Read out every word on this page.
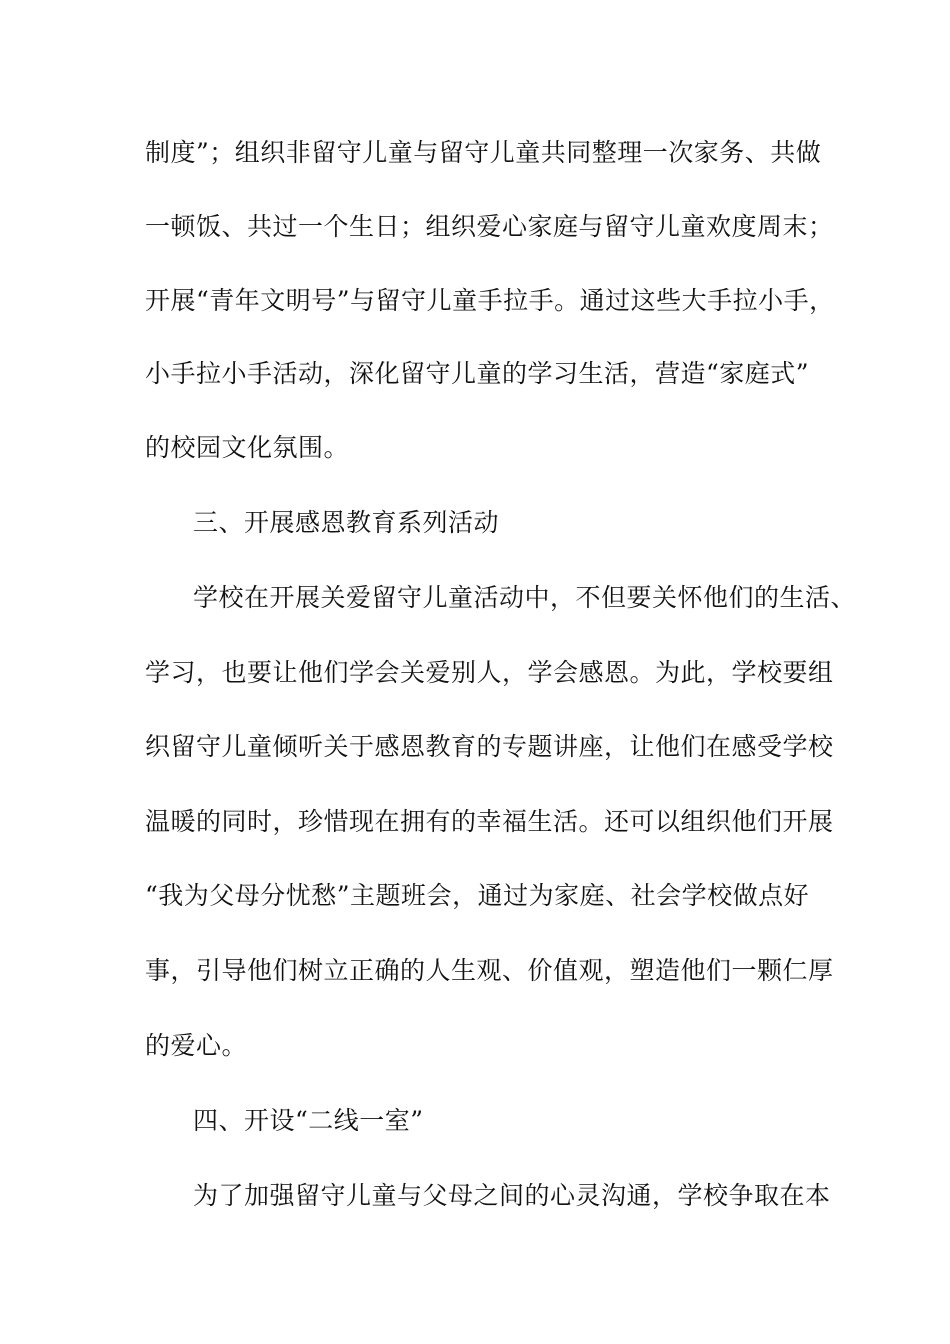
制度”；组织非留守儿童与留守儿童共同整理一次家务、共做
一顿饭、共过一个生日；组织爱心家庭与留守儿童欢度周末；
开展“青年文明号”与留守儿童手拉手。通过这些大手拉小手，
小手拉小手活动，深化留守儿童的学习生活，营造“家庭式”
的校园文化氛围。
三、开展感恩教育系列活动
学校在开展关爱留守儿童活动中，不但要关怀他们的生活、
学习，也要让他们学会关爱别人，学会感恩。为此，学校要组
织留守儿童倾听关于感恩教育的专题讲座，让他们在感受学校
温暖的同时，珍惜现在拥有的幸福生活。还可以组织他们开展
“我为父母分忧愁”主题班会，通过为家庭、社会学校做点好
事，引导他们树立正确的人生观、价值观，塑造他们一颗仁厚
的爱心。
四、开设“二线一室”
为了加强留守儿童与父母之间的心灵沟通，学校争取在本
